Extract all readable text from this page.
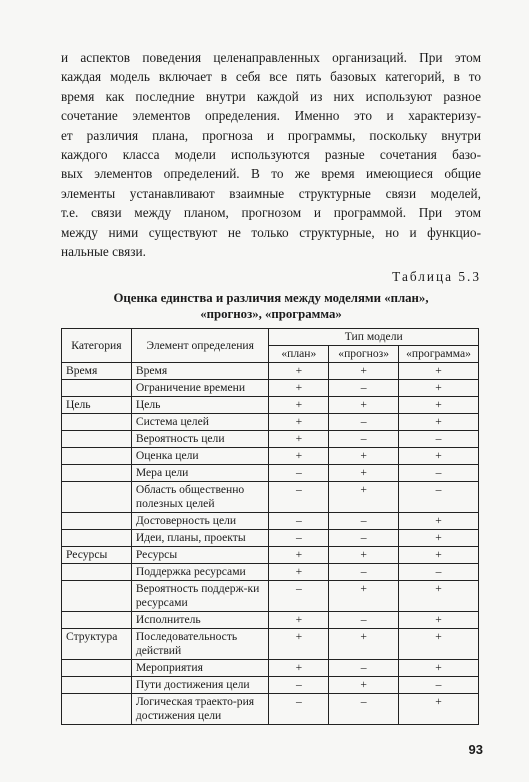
и аспектов поведения целенаправленных организаций. При этом
каждая модель включает в себя все пять базовых категорий, в то
время как последние внутри каждой из них используют разное
сочетание элементов определения. Именно это и характеризу-
ет различия плана, прогноза и программы, поскольку внутри
каждого класса модели используются разные сочетания базо-
вых элементов определений. В то же время имеющиеся общие
элементы устанавливают взаимные структурные связи моделей,
т.е. связи между планом, прогнозом и программой. При этом
между ними существуют не только структурные, но и функцио-
нальные связи.

Таблица 5.3
Оценка единства и различия между моделями «план»,
«прогноз», «программа»
Категория	Элемент определения	Тип модели		
		«план»	«прогноз»	«программа»
Время	Время	+	+	+
	Ограничение времени	+	–	+
Цель	Цель	+	+	+
	Система целей	+	–	+
	Вероятность цели	+	–	–
	Оценка цели	+	+	+
	Мера цели	–	+	–
	Область общественно полезных целей	–	+	–
	Достоверность цели	–	–	+
	Идеи, планы, проекты	–	–	+
Ресурсы	Ресурсы	+	+	+
	Поддержка ресурсами	+	–	–
	Вероятность поддерж-ки ресурсами	–	+	+
	Исполнитель	+	–	+
Структура	Последовательность действий	+	+	+
	Мероприятия	+	–	+
	Пути достижения цели	–	+	–
	Логическая траекто-рия достижения цели	–	–	+
93
